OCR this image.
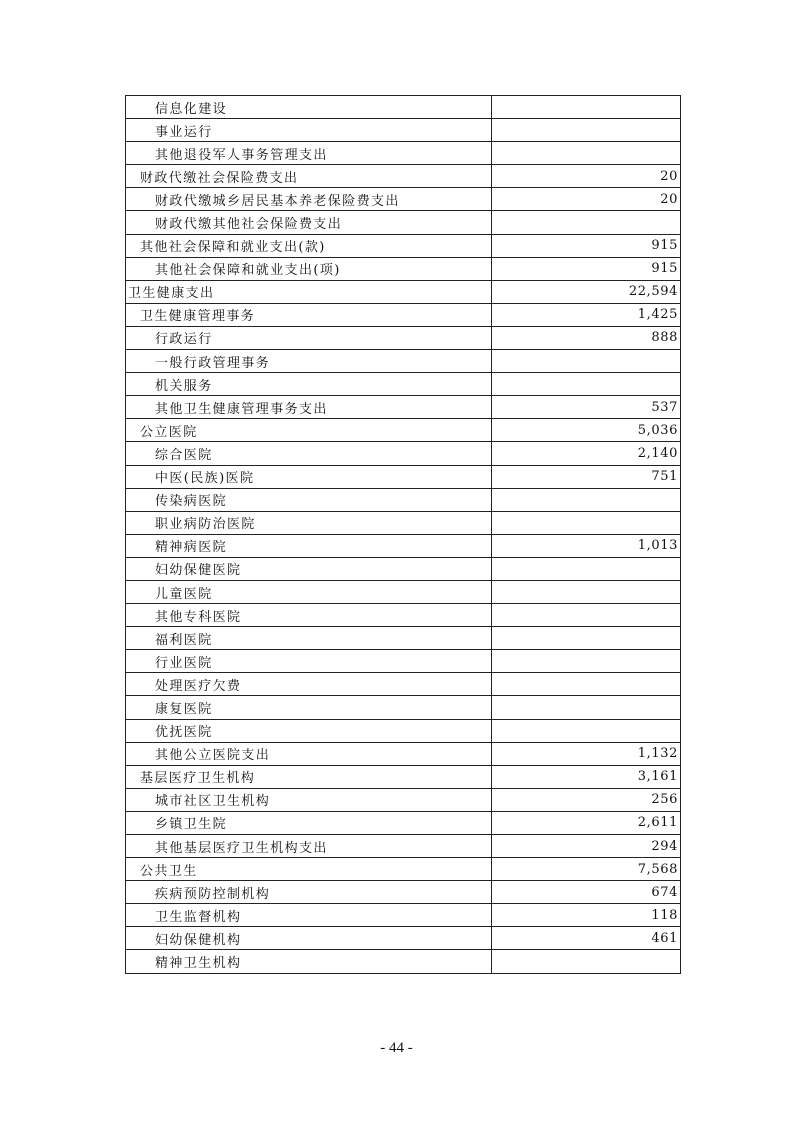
信息化建设	
事业运行	
其他退役军人事务管理支出	
财政代缴社会保险费支出	20
财政代缴城乡居民基本养老保险费支出	20
财政代缴其他社会保险费支出	
其他社会保障和就业支出(款)	915
其他社会保障和就业支出(项)	915
卫生健康支出	22,594
卫生健康管理事务	1,425
行政运行	888
一般行政管理事务	
机关服务	
其他卫生健康管理事务支出	537
公立医院	5,036
综合医院	2,140
中医(民族)医院	751
传染病医院	
职业病防治医院	
精神病医院	1,013
妇幼保健医院	
儿童医院	
其他专科医院	
福利医院	
行业医院	
处理医疗欠费	
康复医院	
优抚医院	
其他公立医院支出	1,132
基层医疗卫生机构	3,161
城市社区卫生机构	256
乡镇卫生院	2,611
其他基层医疗卫生机构支出	294
公共卫生	7,568
疾病预防控制机构	674
卫生监督机构	118
妇幼保健机构	461
精神卫生机构	
- 44 -
